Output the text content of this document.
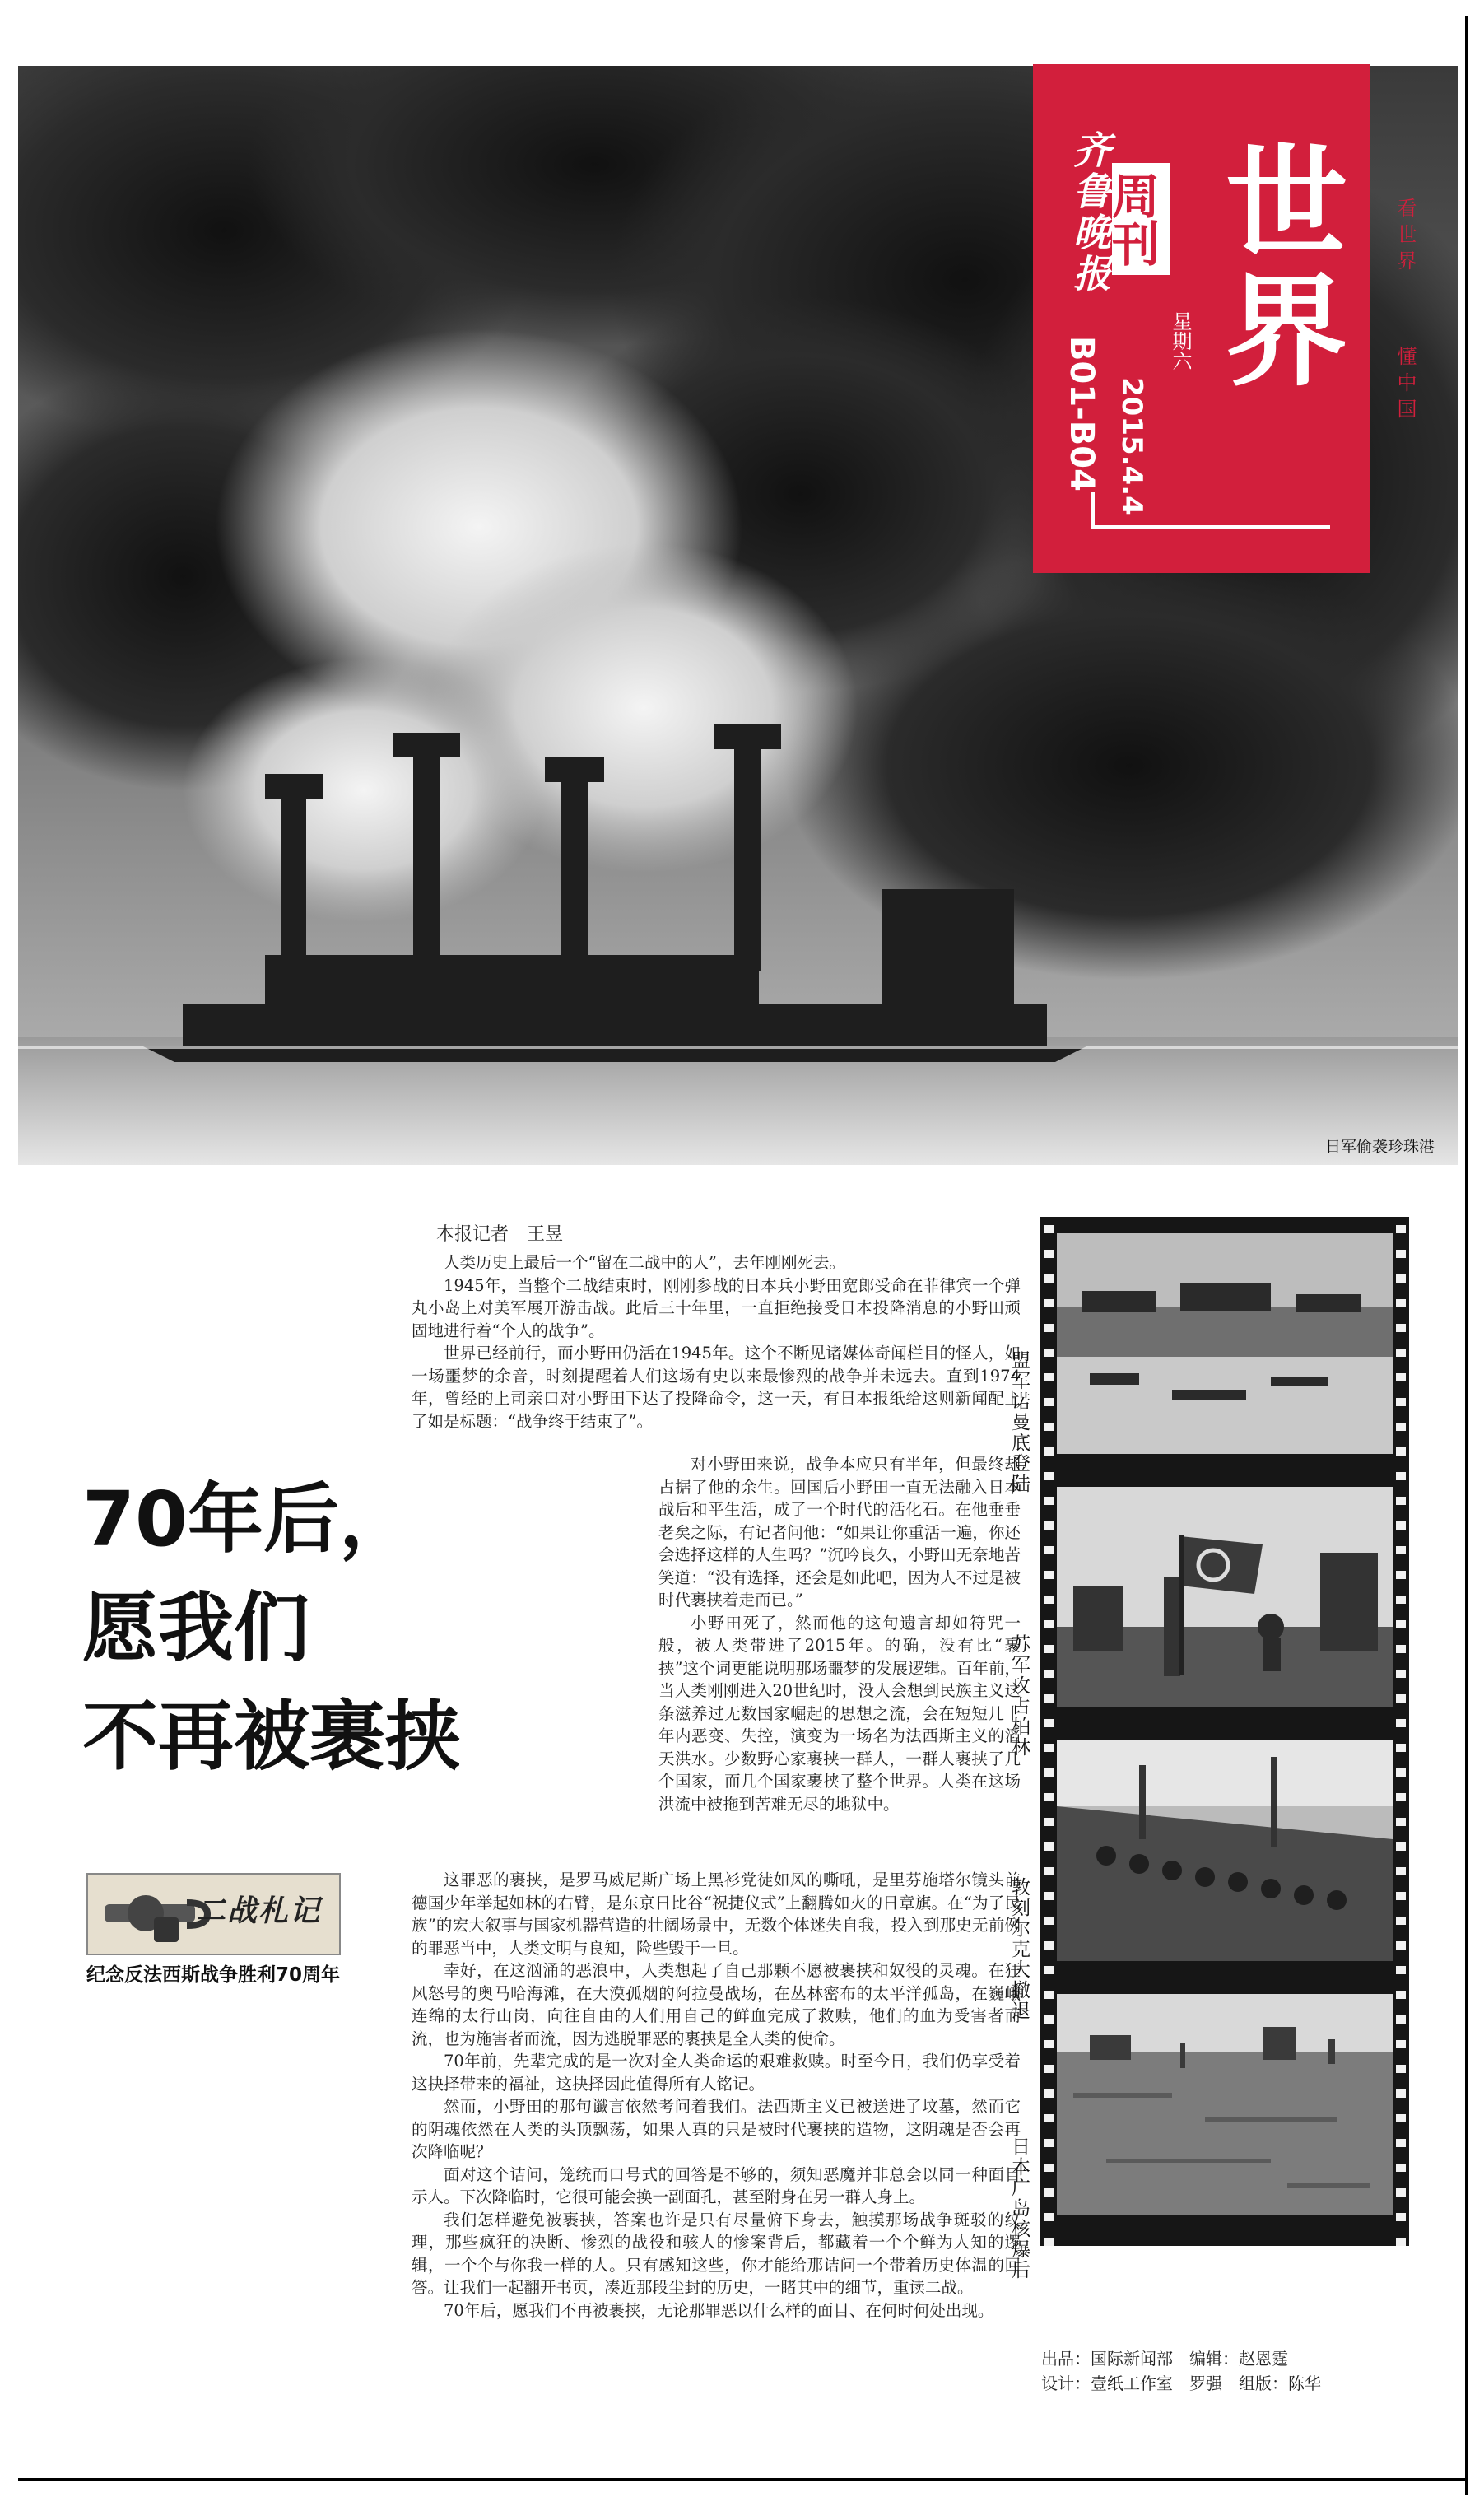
日军偷袭珍珠港
齐鲁晚报
B01-B04
周刊
星期六
2015.4.4
世界 看世界
懂中国
本报记者　王昱

人类历史上最后一个“留在二战中的人”，去年刚刚死去。

1945年，当整个二战结束时，刚刚参战的日本兵小野田宽郎受命在菲律宾一个弹丸小岛上对美军展开游击战。此后三十年里，一直拒绝接受日本投降消息的小野田顽固地进行着“个人的战争”。

世界已经前行，而小野田仍活在1945年。这个不断见诸媒体奇闻栏目的怪人，如一场噩梦的余音，时刻提醒着人们这场有史以来最惨烈的战争并未远去。直到1974年，曾经的上司亲口对小野田下达了投降命令，这一天，有日本报纸给这则新闻配上了如是标题：“战争终于结束了”。

对小野田来说，战争本应只有半年，但最终却占据了他的余生。回国后小野田一直无法融入日本战后和平生活，成了一个时代的活化石。在他垂垂老矣之际，有记者问他：“如果让你重活一遍，你还会选择这样的人生吗？”沉吟良久，小野田无奈地苦笑道：“没有选择，还会是如此吧，因为人不过是被时代裹挟着走而已。”

小野田死了，然而他的这句遗言却如符咒一般，被人类带进了2015年。的确，没有比“裹挟”这个词更能说明那场噩梦的发展逻辑。百年前，当人类刚刚进入20世纪时，没人会想到民族主义这条滋养过无数国家崛起的思想之流，会在短短几十年内恶变、失控，演变为一场名为法西斯主义的滔天洪水。少数野心家裹挟一群人，一群人裹挟了几个国家，而几个国家裹挟了整个世界。人类在这场洪流中被拖到苦难无尽的地狱中。

这罪恶的裹挟，是罗马威尼斯广场上黑衫党徒如风的嘶吼，是里芬施塔尔镜头前德国少年举起如林的右臂，是东京日比谷“祝捷仪式”上翻腾如火的日章旗。在“为了民族”的宏大叙事与国家机器营造的壮阔场景中，无数个体迷失自我，投入到那史无前例的罪恶当中，人类文明与良知，险些毁于一旦。

幸好，在这汹涌的恶浪中，人类想起了自己那颗不愿被裹挟和奴役的灵魂。在狂风怒号的奥马哈海滩，在大漠孤烟的阿拉曼战场，在丛林密布的太平洋孤岛，在巍峨连绵的太行山岗，向往自由的人们用自己的鲜血完成了救赎，他们的血为受害者而流，也为施害者而流，因为逃脱罪恶的裹挟是全人类的使命。

70年前，先辈完成的是一次对全人类命运的艰难救赎。时至今日，我们仍享受着这抉择带来的福祉，这抉择因此值得所有人铭记。

然而，小野田的那句谶言依然考问着我们。法西斯主义已被送进了坟墓，然而它的阴魂依然在人类的头顶飘荡，如果人真的只是被时代裹挟的造物，这阴魂是否会再次降临呢？

面对这个诘问，笼统而口号式的回答是不够的，须知恶魔并非总会以同一种面目示人。下次降临时，它很可能会换一副面孔，甚至附身在另一群人身上。

我们怎样避免被裹挟，答案也许是只有尽量俯下身去，触摸那场战争斑驳的纹理，那些疯狂的决断、惨烈的战役和骇人的惨案背后，都藏着一个个鲜为人知的逻辑，一个个与你我一样的人。只有感知这些，你才能给那诘问一个带着历史体温的回答。让我们一起翻开书页，凑近那段尘封的历史，一睹其中的细节，重读二战。

70年后，愿我们不再被裹挟，无论那罪恶以什么样的面目、在何时何处出现。

70年后，
愿我们
不再被裹挟
二战札记
纪念反法西斯战争胜利70周年
盟军诺曼底登陆
苏军攻占柏林
敦刻尔克大撤退
日本广岛核爆后
出品：国际新闻部　编辑：赵恩霆
设计：壹纸工作室　罗强　组版：陈华
